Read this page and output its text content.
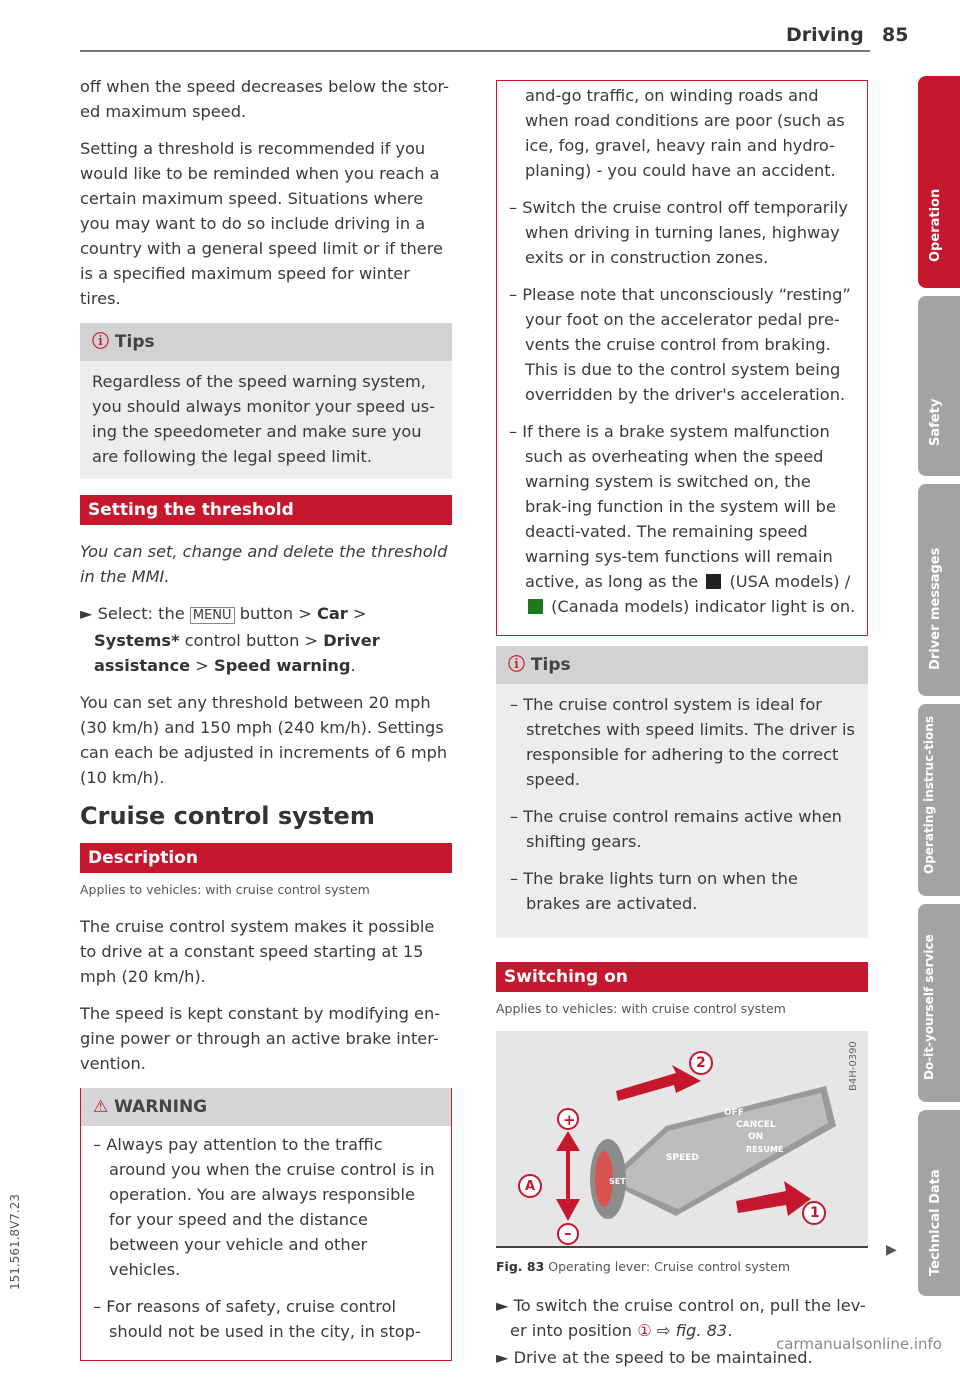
Driving 85

off when the speed decreases below the stor-ed maximum speed.

Setting a threshold is recommended if you would like to be reminded when you reach a certain maximum speed. Situations where you may want to do so include driving in a country with a general speed limit or if there is a specified maximum speed for winter tires.

ⓘ Tips
Regardless of the speed warning system, you should always monitor your speed us-ing the speedometer and make sure you are following the legal speed limit.
Setting the threshold

You can set, change and delete the threshold in the MMI.

► Select: the MENU button > Car > Systems* control button > Driver assistance > Speed warning.

You can set any threshold between 20 mph (30 km/h) and 150 mph (240 km/h). Settings can each be adjusted in increments of 6 mph (10 km/h).

Cruise control system
Description
Applies to vehicles: with cruise control system

The cruise control system makes it possible to drive at a constant speed starting at 15 mph (20 km/h).

The speed is kept constant by modifying en-gine power or through an active brake inter-vention.

⚠ WARNING

– Always pay attention to the traffic around you when the cruise control is in operation. You are always responsible for your speed and the distance between your vehicle and other vehicles.

– For reasons of safety, cruise control should not be used in the city, in stop-

and-go traffic, on winding roads and when road conditions are poor (such as ice, fog, gravel, heavy rain and hydro-planing) - you could have an accident.

– Switch the cruise control off temporarily when driving in turning lanes, highway exits or in construction zones.

– Please note that unconsciously “resting” your foot on the accelerator pedal pre-vents the cruise control from braking. This is due to the control system being overridden by the driver's acceleration.

– If there is a brake system malfunction such as overheating when the speed warning system is switched on, the brak-ing function in the system will be deacti-vated. The remaining speed warning sys-tem functions will remain active, as long as the (USA models) /  (Canada models) indicator light is on.

ⓘ Tips

– The cruise control system is ideal for stretches with speed limits. The driver is responsible for adhering to the correct speed.

– The cruise control remains active when shifting gears.

– The brake lights turn on when the brakes are activated.

Switching on
Applies to vehicles: with cruise control system
+
–
A
2
1
OFF
CANCEL
ON
RESUME
SPEED
SET
B4H-0390
Fig. 83 Operating lever: Cruise control system

► To switch the cruise control on, pull the lev-er into position ① ⇨ fig. 83.

► Drive at the speed to be maintained.

▶
Operation
Safety
Driver messages
Operating instruc-tions
Do-it-yourself service
Technical Data
151.561.8V7.23
carmanualsonline.info
